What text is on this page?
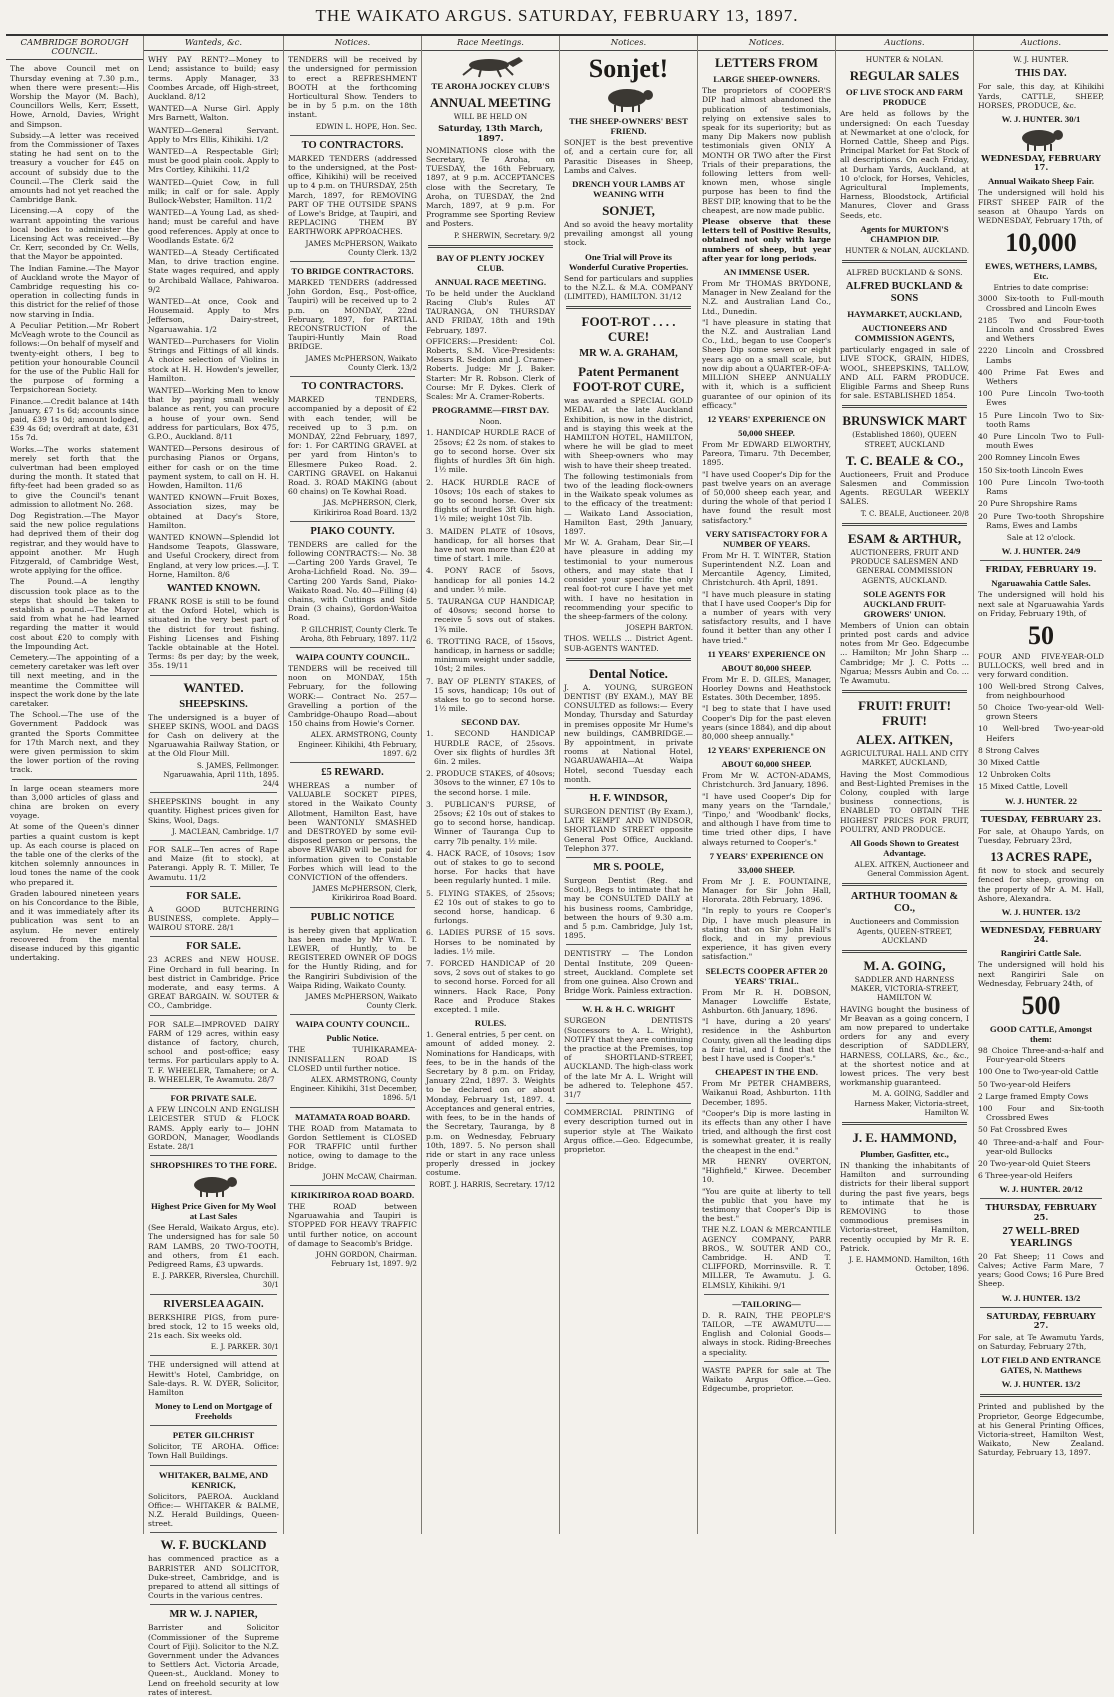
THE WAIKATO ARGUS. SATURDAY, FEBRUARY 13, 1897.
CAMBRIDGE BOROUGH COUNCIL.

The above Council met on Thursday evening at 7.30 p.m., when there were present:—His Worship the Mayor (M. Bach), Councillors Wells, Kerr, Essett, Howe, Arnold, Davies, Wright and Simpson.

Subsidy.—A letter was received from the Commissioner of Taxes stating he had sent on to the treasury a voucher for £45 on account of subsidy due to the Council.—The Clerk said the amounts had not yet reached the Cambridge Bank.

Licensing.—A copy of the warrant appointing the various local bodies to administer the Licensing Act was received.—By Cr. Kerr, seconded by Cr. Wells, that the Mayor be appointed.

The Indian Famine.—The Mayor of Auckland wrote the Mayor of Cambridge requesting his co-operation in collecting funds in this district for the relief of those now starving in India.

A Peculiar Petition.—Mr Robert McVeagh wrote to the Council as follows:—On behalf of myself and twenty-eight others, I beg to petition your honourable Council for the use of the Public Hall for the purpose of forming a Terpsichorean Society.

Finance.—Credit balance at 14th January, £7 1s 6d; accounts since paid, £39 1s 0d; amount lodged, £39 4s 6d; overdraft at date, £31 15s 7d.

Works.—The works statement merely set forth that the culvertman had been employed during the month. It stated that fifty-feet had been graded so as to give the Council's tenant admission to allotment No. 268.

Dog Registration.—The Mayor said the new police regulations had deprived them of their dog registrar, and they would have to appoint another. Mr Hugh Fitzgerald, of Cambridge West, wrote applying for the office.

The Pound.—A lengthy discussion took place as to the steps that should be taken to establish a pound.—The Mayor said from what he had learned regarding the matter it would cost about £20 to comply with the Impounding Act.

Cemetery.—The appointing of a cemetery caretaker was left over till next meeting, and in the meantime the Committee will inspect the work done by the late caretaker.

The School.—The use of the Government Paddock was granted the Sports Committee for 17th March next, and they were given permission to skim the lower portion of the roving track.

In large ocean steamers more than 3,000 articles of glass and china are broken on every voyage.

At some of the Queen's dinner parties a quaint custom is kept up. As each course is placed on the table one of the clerks of the kitchen solemnly announces in loud tones the name of the cook who prepared it.

Graden laboured nineteen years on his Concordance to the Bible, and it was immediately after its publication was sent to an asylum. He never entirely recovered from the mental disease induced by this gigantic undertaking.

Wanteds, &c.
WHY PAY RENT?—Money to Lend; assistance to build; easy terms. Apply Manager, 33 Coombes Arcade, off High-street, Auckland. 8/12
WANTED—A Nurse Girl. Apply Mrs Barnett, Walton.
WANTED—General Servant. Apply to Mrs Ellis, Kihikihi. 1/2
WANTED—A Respectable Girl; must be good plain cook. Apply to Mrs Cortley, Kihikihi. 11/2
WANTED—Quiet Cow, in full milk; in calf or for sale. Apply Bullock-Webster, Hamilton. 11/2
WANTED—A Young Lad, as shed-hand; must be careful and have good references. Apply at once to Woodlands Estate. 6/2
WANTED—A Steady Certificated Man, to drive traction engine. State wages required, and apply to Archibald Wallace, Pahiwaroa. 9/2
WANTED—At once, Cook and Housemaid. Apply to Mrs Jefferson, Dairy-street, Ngaruawahia. 1/2
WANTED—Purchasers for Violin Strings and Fittings of all kinds. A choice selection of Violins in stock at H. H. Howden's jeweller, Hamilton.
WANTED—Working Men to know that by paying small weekly balance as rent, you can procure a house of your own. Send address for particulars, Box 475, G.P.O., Auckland. 8/11
WANTED—Persons desirous of purchasing Pianos or Organs, either for cash or on the time payment system, to call on H. H. Howden, Hamilton. 11/6
WANTED KNOWN—Fruit Boxes, Association sizes, may be obtained at Dacy's Store, Hamilton.
WANTED KNOWN—Splendid lot Handsome Teapots, Glassware, and Useful Crockery, direct from England, at very low prices.—J. T. Horne, Hamilton. 8/6
WANTED KNOWN.

FRANK ROSE is still to be found at the Oxford Hotel, which is situated in the very best part of the district for trout fishing. Fishing Licenses and Fishing Tackle obtainable at the Hotel. Terms: 8s per day; by the week, 35s. 19/11

WANTED.
SHEEPSKINS.

The undersigned is a buyer of SHEEP SKINS, WOOL and DAGS for Cash on delivery at the Ngaruawahia Railway Station, or at the Old Flour Mill.

S. JAMES, Fellmonger. Ngaruawahia, April 11th, 1895. 24/4

SHEEPSKINS bought in any quantity. Highest prices given for Skins, Wool, Dags.

J. MACLEAN, Cambridge. 1/7

FOR SALE—Ten acres of Rape and Maize (fit to stock), at Paterangi. Apply R. T. Miller, Te Awamutu. 11/2

FOR SALE.

A GOOD BUTCHERING BUSINESS, complete. Apply— WAIROU STORE. 28/1

FOR SALE.

23 ACRES and NEW HOUSE. Fine Orchard in full bearing. In best district in Cambridge. Price moderate, and easy terms. A GREAT BARGAIN. W. SOUTER & CO., Cambridge.

FOR SALE—IMPROVED DAIRY FARM of 129 acres, within easy distance of factory, church, school and post-office; easy terms. For particulars apply to A. T. F. WHEELER, Tamahere; or A. B. WHEELER, Te Awamutu. 28/7

FOR PRIVATE SALE.

A FEW LINCOLN AND ENGLISH LEICESTER STUD & FLOCK RAMS. Apply early to— JOHN GORDON, Manager, Woodlands Estate. 28/1

SHROPSHIRES TO THE FORE.
Highest Price Given for My Wool at Last Sales

(See Herald, Waikato Argus, etc). The undersigned has for sale 50 RAM LAMBS, 20 TWO-TOOTH, and others, from £1 each. Pedigreed Rams, £3 upwards.

E. J. PARKER, Riverslea, Churchill. 30/1
RIVERSLEA AGAIN.

BERKSHIRE PIGS, from pure-bred stock, 12 to 15 weeks old, 21s each. Six weeks old.

E. J. PARKER. 30/1

THE undersigned will attend at Hewitt's Hotel, Cambridge, on Sale-days. R. W. DYER, Solicitor, Hamilton

Money to Lend on Mortgage of Freeholds
PETER GILCHRIST

Solicitor, TE AROHA. Office: Town Hall Buildings.

WHITAKER, BALME, AND KENRICK,

Solicitors, PAEROA. Auckland Office:— WHITAKER & BALME, N.Z. Herald Buildings, Queen-street.

W. F. BUCKLAND

has commenced practice as a BARRISTER AND SOLICITOR, Duke-street, Cambridge, and is prepared to attend all sittings of Courts in the various centres.

MR W. J. NAPIER,

Barrister and Solicitor (Commissioner of the Supreme Court of Fiji). Solicitor to the N.Z. Government under the Advances to Settlers Act. Victoria Arcade, Queen-st., Auckland. Money to Lend on freehold security at low rates of interest.

Notices.

TENDERS will be received by the undersigned for permission to erect a REFRESHMENT BOOTH at the forthcoming Horticultural Show. Tenders to be in by 5 p.m. on the 18th instant.

EDWIN L. HOPE, Hon. Sec.
TO CONTRACTORS.

MARKED TENDERS (addressed to the undersigned, at the Post-office, Kihikihi) will be received up to 4 p.m. on THURSDAY, 25th March, 1897, for REMOVING PART OF THE OUTSIDE SPANS of Lowe's Bridge, at Taupiri, and REPLACING THEM BY EARTHWORK APPROACHES.

JAMES McPHERSON, Waikato County Clerk. 13/2
TO BRIDGE CONTRACTORS.

MARKED TENDERS (addressed John Gordon, Esq., Post-office, Taupiri) will be received up to 2 p.m. on MONDAY, 22nd February, 1897, for PARTIAL RECONSTRUCTION of the Taupiri-Huntly Main Road BRIDGE.

JAMES McPHERSON, Waikato County Clerk. 13/2
TO CONTRACTORS.

MARKED TENDERS, accompanied by a deposit of £2 with each tender, will be received up to 3 p.m. on MONDAY, 22nd February, 1897, for: 1. For CARTING GRAVEL at per yard from Hinton's to Ellesmere Pukeo Road. 2. CARTING GRAVEL on Hakanui Road. 3. ROAD MAKING (about 60 chains) on Te Kowhai Road.

JAS. McPHERSON, Clerk, Kirikiriroa Road Board. 13/2
PIAKO COUNTY.

TENDERS are called for the following CONTRACTS:— No. 38—Carting 200 Yards Gravel, Te Aroha-Lichfield Road. No. 39—Carting 200 Yards Sand, Piako-Waikato Road. No. 40—Filling (4) chains, with Cuttings and Side Drain (3 chains), Gordon-Waitoa Road.

P. GILCHRIST, County Clerk. Te Aroha, 8th February, 1897. 11/2
WAIPA COUNTY COUNCIL.

TENDERS will be received till noon on MONDAY, 15th February, for the following WORK:— Contract No. 257—Gravelling a portion of the Cambridge-Ohaupo Road—about 150 chains from Howie's Corner.

ALEX. ARMSTRONG, County Engineer. Kihikihi, 4th February, 1897. 6/2
£5 REWARD.

WHEREAS a number of VALUABLE SOCKET PIPES, stored in the Waikato County Allotment, Hamilton East, have been WANTONLY SMASHED and DESTROYED by some evil-disposed person or persons, the above REWARD will be paid for information given to Constable Forbes which will lead to the CONVICTION of the offenders.

JAMES McPHERSON, Clerk, Kirikiriroa Road Board.
PUBLIC NOTICE

is hereby given that application has been made by Mr Wm. T. LEWER, of Huntly, to be REGISTERED OWNER OF DOGS for the Huntly Riding, and for the Rangiriri Subdivision of the Waipa Riding, Waikato County.

JAMES McPHERSON, Waikato County Clerk.
WAIPA COUNTY COUNCIL.
Public Notice.

THE TUHIKARAMEA-INNISFALLEN ROAD IS CLOSED until further notice.

ALEX. ARMSTRONG, County Engineer. Kihikihi, 31st December, 1896. 5/1
MATAMATA ROAD BOARD.

THE ROAD from Matamata to Gordon Settlement is CLOSED FOR TRAFFIC until further notice, owing to damage to the Bridge.

JOHN McCAW, Chairman.
KIRIKIRIROA ROAD BOARD.

THE ROAD between Ngaruawahia and Taupiri is STOPPED FOR HEAVY TRAFFIC until further notice, on account of damage to Seacomb's Bridge.

JOHN GORDON, Chairman. February 1st, 1897. 9/2
Race Meetings.
TE AROHA JOCKEY CLUB'S
ANNUAL MEETING
WILL BE HELD ON
Saturday, 13th March, 1897.

NOMINATIONS close with the Secretary, Te Aroha, on TUESDAY, the 16th February, 1897, at 9 p.m. ACCEPTANCES close with the Secretary, Te Aroha, on TUESDAY, the 2nd March, 1897, at 9 p.m. For Programme see Sporting Review and Posters.

P. SHERWIN, Secretary. 9/2
BAY OF PLENTY JOCKEY CLUB.
ANNUAL RACE MEETING.

To be held under the Auckland Racing Club's Rules AT TAURANGA, ON THURSDAY AND FRIDAY, 18th and 19th February, 1897.

OFFICERS:—President: Col. Roberts, S.M. Vice-Presidents: Messrs R. Seddon and J. Cramer-Roberts. Judge: Mr J. Baker. Starter: Mr R. Robson. Clerk of Course: Mr F. Dykes. Clerk of Scales: Mr A. Cramer-Roberts.

PROGRAMME—FIRST DAY.
Noon.
1. HANDICAP HURDLE RACE of 25sovs; £2 2s nom. of stakes to go to second horse. Over six flights of hurdles 3ft 6in high. 1½ mile.
2. HACK HURDLE RACE of 10sovs; 10s each of stakes to go to second horse. Over six flights of hurdles 3ft 6in high. 1½ mile; weight 10st 7lb.
3. MAIDEN PLATE of 10sovs, handicap, for all horses that have not won more than £20 at time of start. 1 mile.
4. PONY RACE of 5sovs, handicap for all ponies 14.2 and under. ½ mile.
5. TAURANGA CUP HANDICAP, of 40sovs; second horse to receive 5 sovs out of stakes. 1¾ mile.
6. TROTTING RACE, of 15sovs, handicap, in harness or saddle; minimum weight under saddle, 10st; 2 miles.
7. BAY OF PLENTY STAKES, of 15 sovs, handicap; 10s out of stakes to go to second horse. 1½ mile.
SECOND DAY.
1. SECOND HANDICAP HURDLE RACE, of 25sovs. Over six flights of hurdles 3ft 6in. 2 miles.
2. PRODUCE STAKES, of 40sovs; 30sovs to the winner, £7 10s to the second horse. 1 mile.
3. PUBLICAN'S PURSE, of 25sovs; £2 10s out of stakes to go to second horse, handicap. Winner of Tauranga Cup to carry 7lb penalty. 1½ mile.
4. HACK RACE, of 10sovs; 1sov out of stakes to go to second horse. For hacks that have been regularly hunted. 1 mile.
5. FLYING STAKES, of 25sovs; £2 10s out of stakes to go to second horse, handicap. 6 furlongs.
6. LADIES PURSE of 15 sovs. Horses to be nominated by ladies. 1½ mile.
7. FORCED HANDICAP of 20 sovs, 2 sovs out of stakes to go to second horse. Forced for all winners. Hack Race, Pony Race and Produce Stakes excepted. 1 mile.
RULES.

1. General entries, 5 per cent. on amount of added money. 2. Nominations for Handicaps, with fees, to be in the hands of the Secretary by 8 p.m. on Friday, January 22nd, 1897. 3. Weights to be declared on or about Monday, February 1st, 1897. 4. Acceptances and general entries, with fees, to be in the hands of the Secretary, Tauranga, by 8 p.m. on Wednesday, February 10th, 1897. 5. No person shall ride or start in any race unless properly dressed in jockey costume.

ROBT. J. HARRIS, Secretary. 17/12
Notices.
Sonjet!
THE SHEEP-OWNERS' BEST FRIEND.

SONJET is the best preventive of, and a certain cure for, all Parasitic Diseases in Sheep, Lambs and Calves.

DRENCH YOUR LAMBS AT WEANING WITH
SONJET,

And so avoid the heavy mortality prevailing amongst all young stock.

One Trial will Prove its Wonderful Curative Properties.

Send for particulars and supplies to the N.Z.L. & M.A. COMPANY (LIMITED), HAMILTON. 31/12

FOOT-ROT . . . . CURE!
MR W. A. GRAHAM,
Patent Permanent FOOT-ROT CURE,

was awarded a SPECIAL GOLD MEDAL at the late Auckland Exhibition, is now in the district, and is staying this week at the HAMILTON HOTEL, HAMILTON, where he will be glad to meet with Sheep-owners who may wish to have their sheep treated.

The following testimonials from two of the leading flock-owners in the Waikato speak volumes as to the efficacy of the treatment:— Waikato Land Association, Hamilton East, 29th January, 1897.

Mr W. A. Graham, Dear Sir,—I have pleasure in adding my testimonial to your numerous others, and may state that I consider your specific the only real foot-rot cure I have yet met with. I have no hesitation in recommending your specific to the sheep-farmers of the colony.

JOSEPH BARTON.

THOS. WELLS ... District Agent. SUB-AGENTS WANTED.

Dental Notice.

J. A. YOUNG, SURGEON DENTIST (BY EXAM.), MAY BE CONSULTED as follows:— Every Monday, Thursday and Saturday in premises opposite Mr Hume's new buildings, CAMBRIDGE.—By appointment, in private rooms at National Hotel, NGARUAWAHIA—At Waipa Hotel, second Tuesday each month.

H. F. WINDSOR,

SURGEON DENTIST (By Exam.), LATE KEMPT AND WINDSOR, SHORTLAND STREET opposite General Post Office, Auckland. Telephon 377.

MR S. POOLE,

Surgeon Dentist (Reg. and Scotl.), Begs to intimate that he may be CONSULTED DAILY at his business rooms, Cambridge, between the hours of 9.30 a.m. and 5 p.m. Cambridge, July 1st, 1895.

DENTISTRY — The London Dental Institute, 209 Queen-street, Auckland. Complete set from one guinea. Also Crown and Bridge Work. Painless extraction.

W. H. & H. C. WRIGHT

SURGEON DENTISTS (Successors to A. L. Wright), NOTIFY that they are continuing the practice at the Premises, top of SHORTLAND-STREET, AUCKLAND. The high-class work of the late Mr A. L. Wright will be adhered to. Telephone 457. 31/7

COMMERCIAL PRINTING of every description turned out in superior style at The Waikato Argus office.—Geo. Edgecumbe, proprietor.

Notices.
LETTERS FROM
LARGE SHEEP-OWNERS.

The proprietors of COOPER'S DIP had almost abandoned the publication of testimonials, relying on extensive sales to speak for its superiority; but as many Dip Makers now publish testimonials given ONLY A MONTH OR TWO after the First Trials of their preparations, the following letters from well-known men, whose single purpose has been to find the BEST DIP, knowing that to be the cheapest, are now made public.

Please observe that these letters tell of Positive Results, obtained not only with large numbers of sheep, but year after year for long periods.

AN IMMENSE USER.

From Mr THOMAS BRYDONE, Manager in New Zealand for the N.Z. and Australian Land Co., Ltd., Dunedin.

"I have pleasure in stating that the N.Z. and Australian Land Co., Ltd., began to use Cooper's Sheep Dip some seven or eight years ago on a small scale, but now dip about a QUARTER-OF-A-MILLION SHEEP ANNUALLY with it, which is a sufficient guarantee of our opinion of its efficacy."

12 YEARS' EXPERIENCE ON
50,000 SHEEP.

From Mr EDWARD ELWORTHY, Pareora, Timaru. 7th December, 1895.

"I have used Cooper's Dip for the past twelve years on an average of 50,000 sheep each year, and during the whole of that period I have found the result most satisfactory."

VERY SATISFACTORY FOR A NUMBER OF YEARS.

From Mr H. T. WINTER, Station Superintendent N.Z. Loan and Mercantile Agency, Limited, Christchurch. 4th April, 1891.

"I have much pleasure in stating that I have used Cooper's Dip for a number of years with very satisfactory results, and I have found it better than any other I have tried."

11 YEARS' EXPERIENCE ON
ABOUT 80,000 SHEEP.

From Mr E. D. GILES, Manager, Hoorley Downs and Heathstock Estates. 30th December, 1895.

"I beg to state that I have used Cooper's Dip for the past eleven years (since 1884), and dip about 80,000 sheep annually."

12 YEARS' EXPERIENCE ON
ABOUT 60,000 SHEEP.

From Mr W. ACTON-ADAMS, Christchurch. 3rd January, 1896.

"I have used Cooper's Dip for many years on the 'Tarndale,' 'Tinpo,' and 'Woodbank' flocks, and although I have from time to time tried other dips, I have always returned to Cooper's."

7 YEARS' EXPERIENCE ON
33,000 SHEEP.

From Mr J. E. FOUNTAINE, Manager for Sir John Hall, Hororata. 28th February, 1896.

"In reply to yours re Cooper's Dip, I have much pleasure in stating that on Sir John Hall's flock, and in my previous experience, it has given every satisfaction."

SELECTS COOPER AFTER 20 YEARS' TRIAL.

From Mr R. H. DOBSON, Manager Lowcliffe Estate, Ashburton. 6th January, 1896.

"I have, during a 20 years' residence in the Ashburton County, given all the leading dips a fair trial, and I find that the best I have used is Cooper's."

CHEAPEST IN THE END.

From Mr PETER CHAMBERS, Waikanui Road, Ashburton. 11th December, 1895.

"Cooper's Dip is more lasting in its effects than any other I have tried, and although the first cost is somewhat greater, it is really the cheapest in the end."

MR HENRY OVERTON, "Highfield," Kirwee. December 10.

"You are quite at liberty to tell the public that you have my testimony that Cooper's Dip is the best."

THE N.Z. LOAN & MERCANTILE AGENCY COMPANY, PARR BROS., W. SOUTER AND CO., Cambridge. H. AND T. CLIFFORD, Morrinsville. R. T. MILLER, Te Awamutu. J. G. ELMSLY, Kihikihi. 9/1

—TAILORING—

D. R. RAIN, THE PEOPLE'S TAILOR, —TE AWAMUTU—— English and Colonial Goods—always in stock. Riding-Breeches a speciality.

WASTE PAPER for sale at The Waikato Argus Office.—Geo. Edgecumbe, proprietor.

Auctions.
HUNTER & NOLAN.
REGULAR SALES
OF LIVE STOCK AND FARM PRODUCE

Are held as follows by the undersigned: On each Tuesday at Newmarket at one o'clock, for Horned Cattle, Sheep and Pigs. Principal Market for Fat Stock of all descriptions. On each Friday, at Durham Yards, Auckland, at 10 o'clock, for Horses, Vehicles, Agricultural Implements, Harness, Bloodstock, Artificial Manures, Clover and Grass Seeds, etc.

Agents for MURTON'S CHAMPION DIP.
HUNTER & NOLAN, AUCKLAND.
ALFRED BUCKLAND & SONS.
ALFRED BUCKLAND & SONS
HAYMARKET, AUCKLAND,
AUCTIONEERS AND COMMISSION AGENTS,

particularly engaged in sale of LIVE STOCK, GRAIN, HIDES, WOOL, SHEEPSKINS, TALLOW, AND ALL FARM PRODUCE. Eligible Farms and Sheep Runs for sale. ESTABLISHED 1854.

BRUNSWICK MART
(Established 1860), QUEEN STREET, AUCKLAND
T. C. BEALE & CO.,

Auctioneers, Fruit and Produce Salesmen and Commission Agents. REGULAR WEEKLY SALES.

T. C. BEALE, Auctioneer. 20/8
ESAM & ARTHUR,
AUCTIONEERS, FRUIT AND PRODUCE SALESMEN AND GENERAL COMMISSION AGENTS, AUCKLAND.
SOLE AGENTS FOR AUCKLAND FRUIT-GROWERS' UNION.

Members of Union can obtain printed post cards and advice notes from Mr Geo. Edgecumbe ... Hamilton; Mr John Sharp ... Cambridge; Mr J. C. Potts ... Ngarua; Messrs Aubin and Co. ... Te Awamutu.

FRUIT! FRUIT! FRUIT!
ALEX. AITKEN,
AGRICULTURAL HALL AND CITY MARKET, AUCKLAND,

Having the Most Commodious and Best-Lighted Premises in the Colony, coupled with large business connections, is ENABLED TO OBTAIN THE HIGHEST PRICES FOR FRUIT, POULTRY, AND PRODUCE.

All Goods Shown to Greatest Advantage.
ALEX. AITKEN, Auctioneer and General Commission Agent.
ARTHUR TOOMAN & CO.,
Auctioneers and Commission Agents, QUEEN-STREET, AUCKLAND
M. A. GOING,
SADDLER AND HARNESS MAKER, VICTORIA-STREET, HAMILTON W.

HAVING bought the business of Mr Beavan as a going concern, I am now prepared to undertake orders for any and every description of SADDLERY, HARNESS, COLLARS, &c., &c., at the shortest notice and at lowest prices. The very best workmanship guaranteed.

M. A. GOING, Saddler and Harness Maker, Victoria-street, Hamilton W.
J. E. HAMMOND,
Plumber, Gasfitter, etc.,

IN thanking the inhabitants of Hamilton and surrounding districts for their liberal support during the past five years, begs to intimate that he is REMOVING to those commodious premises in Victoria-street, Hamilton, recently occupied by Mr R. E. Patrick.

J. E. HAMMOND. Hamilton, 16th October, 1896.
Auctions.
W. J. HUNTER.
THIS DAY.

For sale, this day, at Kihikihi Yards, CATTLE, SHEEP, HORSES, PRODUCE, &c.

W. J. HUNTER. 30/1
WEDNESDAY, FEBRUARY 17.
Annual Waikato Sheep Fair.

The undersigned will hold his FIRST SHEEP FAIR of the season at Ohaupo Yards on WEDNESDAY, February 17th, of

10,000
EWES, WETHERS, LAMBS, Etc.
Entries to date comprise:
3000 Six-tooth to Full-mouth Crossbred and Lincoln Ewes
2185 Two and Four-tooth Lincoln and Crossbred Ewes and Wethers
2220 Lincoln and Crossbred Lambs
400 Prime Fat Ewes and Wethers
100 Pure Lincoln Two-tooth Ewes
15 Pure Lincoln Two to Six-tooth Rams
40 Pure Lincoln Two to Full-mouth Ewes
200 Romney Lincoln Ewes
150 Six-tooth Lincoln Ewes
100 Pure Lincoln Two-tooth Rams
20 Pure Shropshire Rams
20 Pure Two-tooth Shropshire Rams, Ewes and Lambs
Sale at 12 o'clock.
W. J. HUNTER. 24/9
FRIDAY, FEBRUARY 19.
Ngaruawahia Cattle Sales.

The undersigned will hold his next sale at Ngaruawahia Yards on Friday, February 19th, of

50

FOUR AND FIVE-YEAR-OLD BULLOCKS, well bred and in very forward condition.

100 Well-bred Strong Calves, from neighbourhood
50 Choice Two-year-old Well-grown Steers
10 Well-bred Two-year-old Heifers
8 Strong Calves
30 Mixed Cattle
12 Unbroken Colts
15 Mixed Cattle, Lovell
W. J. HUNTER. 22
TUESDAY, FEBRUARY 23.

For sale, at Ohaupo Yards, on Tuesday, February 23rd,

13 ACRES RAPE,

fit now to stock and securely fenced for sheep, growing on the property of Mr A. M. Hall, Ashore, Alexandra.

W. J. HUNTER. 13/2
WEDNESDAY, FEBRUARY 24.
Rangiriri Cattle Sale.

The undersigned will hold his next Rangiriri Sale on Wednesday, February 24th, of

500
GOOD CATTLE, Amongst them:
98 Choice Three-and-a-half and Four-year-old Steers
100 One to Two-year-old Cattle
50 Two-year-old Heifers
2 Large framed Empty Cows
100 Four and Six-tooth Crossbred Ewes
50 Fat Crossbred Ewes
40 Three-and-a-half and Four-year-old Bullocks
20 Two-year-old Quiet Steers
6 Three-year-old Heifers
W. J. HUNTER. 20/12
THURSDAY, FEBRUARY 25.
27 WELL-BRED YEARLINGS

20 Fat Sheep; 11 Cows and Calves; Active Farm Mare, 7 years; Good Cows; 16 Pure Bred Sheep.

W. J. HUNTER. 13/2
SATURDAY, FEBRUARY 27.

For sale, at Te Awamutu Yards, on Saturday, February 27th,

LOT FIELD AND ENTRANCE GATES, N. Matthews
W. J. HUNTER. 13/2

Printed and published by the Proprietor, George Edgecumbe, at his General Printing Offices, Victoria-street, Hamilton West, Waikato, New Zealand. Saturday, February 13, 1897.
